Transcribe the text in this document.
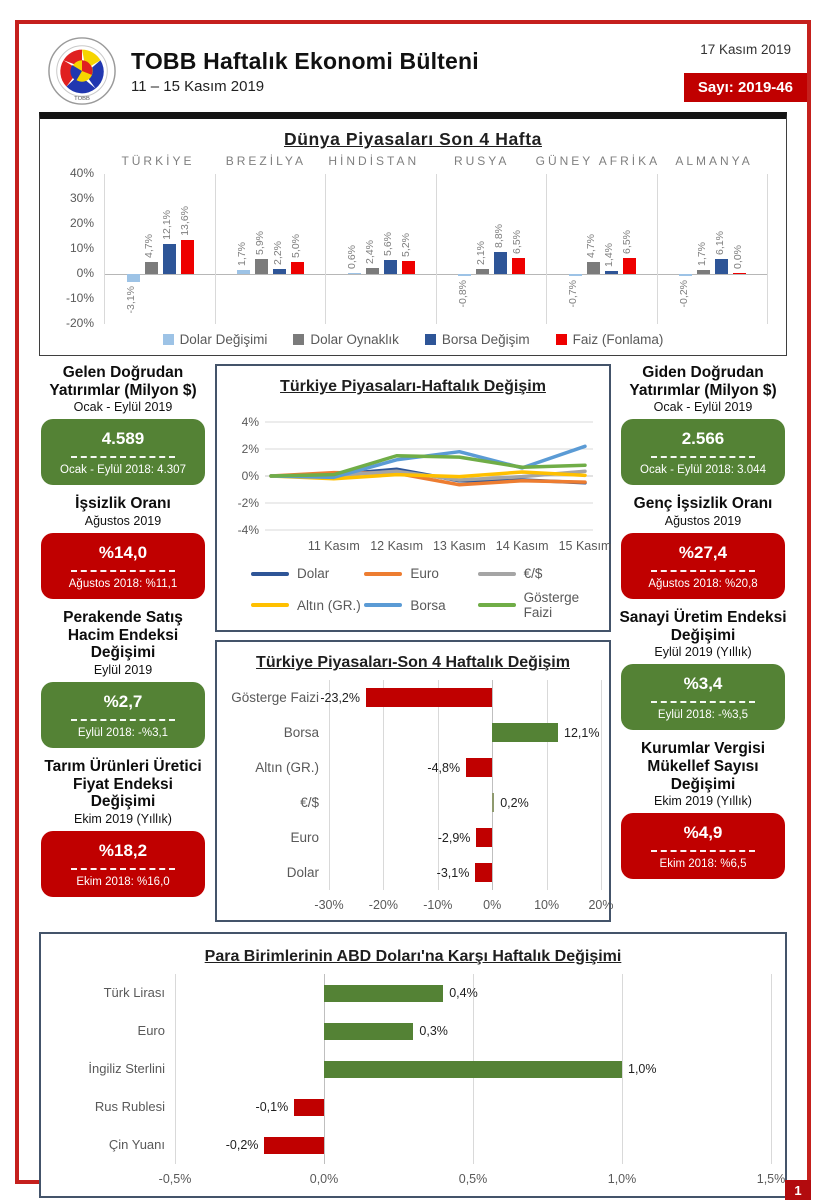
TOBB
TOBB Haftalık Ekonomi Bülteni
11 – 15 Kasım 2019
17 Kasım 2019
Sayı: 2019-46
Dünya Piyasaları Son 4 Hafta
TÜRKİYE	BREZİLYA	HİNDİSTAN	RUSYA	GÜNEY AFRİKA	ALMANYA
40%
30%
20%
10%
0%
-10%
-20%
-3,1%
4,7%
12,1% 13,6%
1,7% 5,9% 2,2% 5,0%	0,6% 2,4% 5,6% 5,2%
-0,8%
2,1%
8,8% 6,5%
-0,7%
4,7% 1,4%
6,5%
-0,2%
1,7% 6,1%
0,0%
Dolar Değişimi	Dolar Oynaklık	Borsa Değişim	Faiz (Fonlama)
Gelen Doğrudan Yatırımlar (Milyon $)
Ocak - Eylül 2019
4.589
Ocak - Eylül 2018: 4.307
İşsizlik Oranı
Ağustos 2019
%14,0
Ağustos 2018: %11,1
Perakende Satış Hacim Endeksi Değişimi
Eylül 2019
%2,7
Eylül 2018: -%3,1
Tarım Ürünleri Üretici Fiyat Endeksi Değişimi
Ekim 2019 (Yıllık)
%18,2
Ekim 2018: %16,0
Türkiye Piyasaları-Haftalık Değişim
4%
2%
0%
-2%
-4%
11 Kasım 12 Kasım 13 Kasım 14 Kasım 15 Kasım
Dolar	Euro	€/$
Altın (GR.)	Borsa	Gösterge Faizi
Türkiye Piyasaları-Son 4 Haftalık Değişim
Gösterge Faizi
Borsa
Altın (GR.)
€/$
Euro
Dolar
-23,2%
12,1%
-4,8%
0,2%
-2,9%
-3,1%
-30% -20% -10% 0%	10% 20%
Giden Doğrudan Yatırımlar (Milyon $)
Ocak - Eylül 2019
2.566
Ocak - Eylül 2018: 3.044
Genç İşsizlik Oranı
Ağustos 2019
%27,4
Ağustos 2018: %20,8
Sanayi Üretim Endeksi Değişimi
Eylül 2019 (Yıllık)
%3,4
Eylül 2018: -%3,5
Kurumlar Vergisi Mükellef Sayısı Değişimi
Ekim 2019 (Yıllık)
%4,9
Ekim 2018: %6,5
Para Birimlerinin ABD Doları'na Karşı Haftalık Değişimi
Türk Lirası
Euro
İngiliz Sterlini
Rus Rublesi
Çin Yuanı
0,4%
0,3%
1,0%
-0,1%
-0,2%
-0,5%	0,0%	0,5%	1,0%	1,5%
1
